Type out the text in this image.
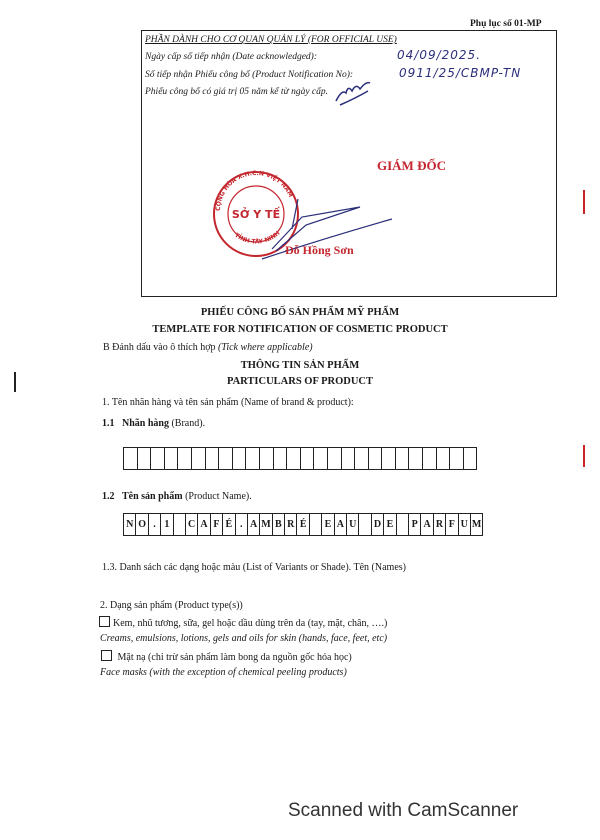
Phụ lục số 01-MP
PHẦN DÀNH CHO CƠ QUAN QUẢN LÝ (FOR OFFICIAL USE)
Ngày cấp số tiếp nhận (Date acknowledged):	04/09/2025.
Số tiếp nhận Phiếu công bố (Product Notification No):	0911/25/CBMP-TN
Phiếu công bố có giá trị 05 năm kể từ ngày cấp.
GIÁM ĐỐC
CỘNG HÒA X.H.C.N VIỆT NAM
TỈNH TÂY NINH
SỞ Y TẾ
Đỗ Hồng Sơn
PHIẾU CÔNG BỐ SẢN PHẨM MỸ PHẨM
TEMPLATE FOR NOTIFICATION OF COSMETIC PRODUCT
B Đánh dấu vào ô thích hợp (Tick where applicable)
THÔNG TIN SẢN PHẨM
PARTICULARS OF PRODUCT
1. Tên nhãn hàng và tên sản phẩm (Name of brand & product):
1.1 Nhãn hàng (Brand).
1.2 Tên sản phẩm (Product Name).
N O . 1	C A F É . A M B R É	E A U	D E	P A R F U M
1.3. Danh sách các dạng hoặc màu (List of Variants or Shade). Tên (Names)
2. Dạng sản phẩm (Product type(s))
Kem, nhũ tương, sữa, gel hoặc dầu dùng trên da (tay, mặt, chân, ….)
Creams, emulsions, lotions, gels and oils for skin (hands, face, feet, etc)
Mặt nạ (chỉ trừ sản phẩm làm bong da nguồn gốc hóa học)
Face masks (with the exception of chemical peeling products)
Scanned with CamScanner
